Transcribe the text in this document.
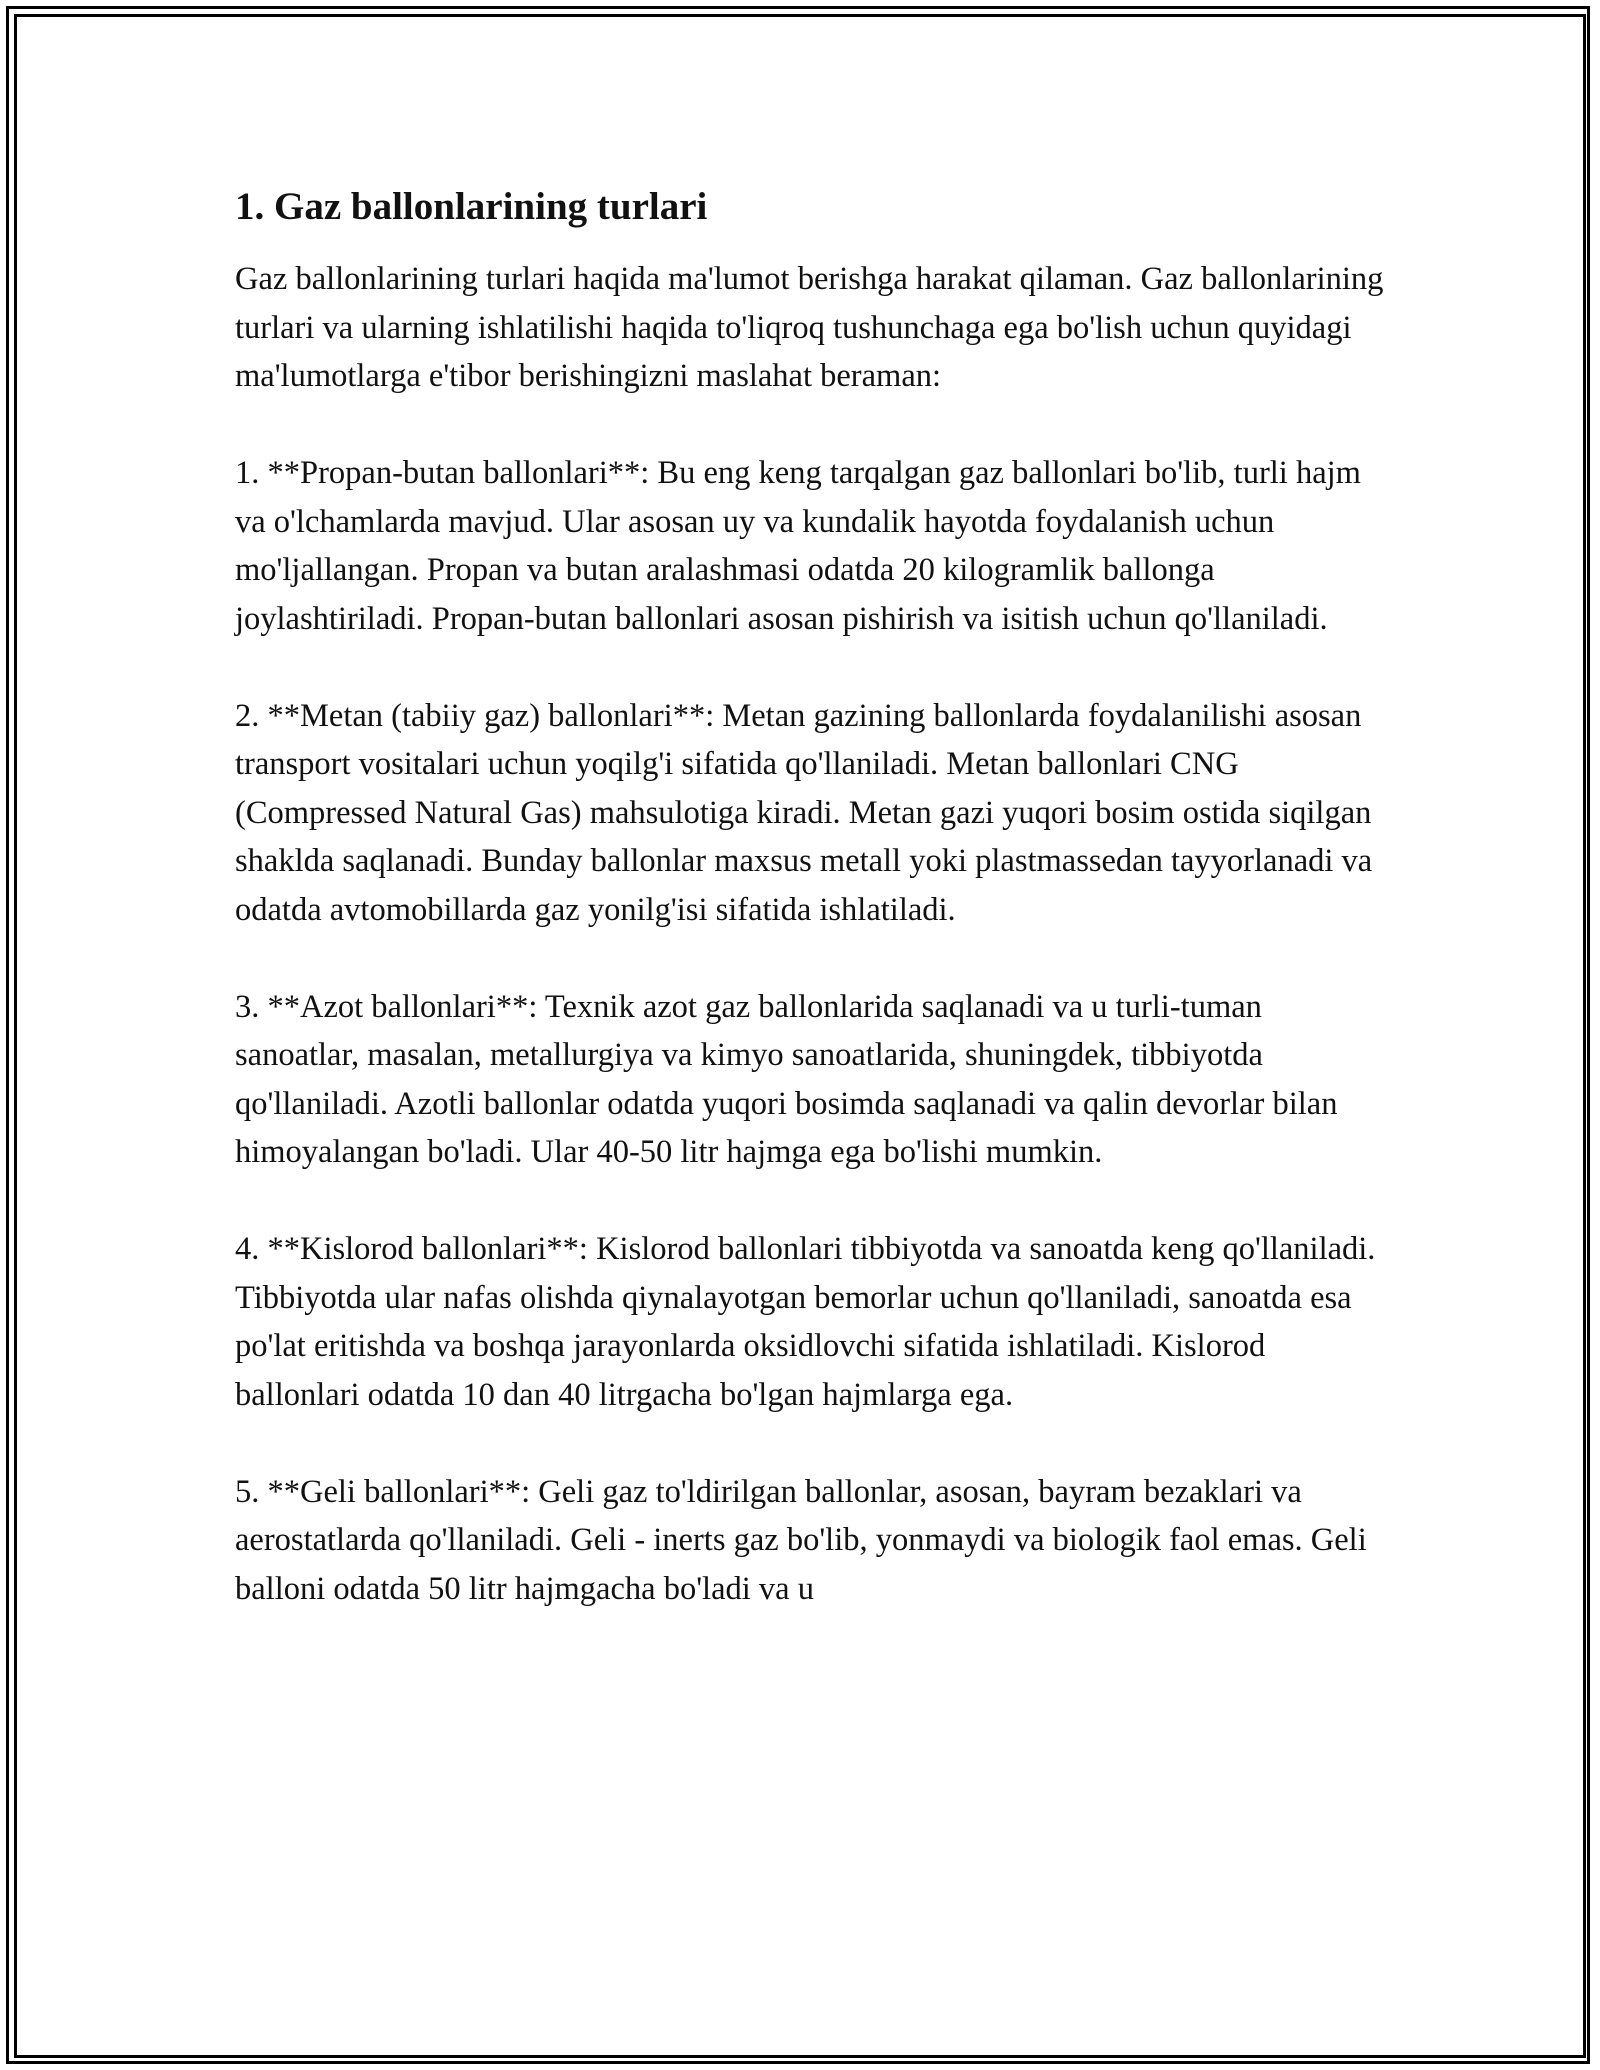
1. Gaz ballonlarining turlari

Gaz ballonlarining turlari haqida ma'lumot berishga harakat qilaman. Gaz ballonlarining turlari va ularning ishlatilishi haqida to'liqroq tushunchaga ega bo'lish uchun quyidagi ma'lumotlarga e'tibor berishingizni maslahat beraman:

1. **Propan-butan ballonlari**: Bu eng keng tarqalgan gaz ballonlari bo'lib, turli hajm va o'lchamlarda mavjud. Ular asosan uy va kundalik hayotda foydalanish uchun mo'ljallangan. Propan va butan aralashmasi odatda 20 kilogramlik ballonga joylashtiriladi. Propan-butan ballonlari asosan pishirish va isitish uchun qo'llaniladi.

2. **Metan (tabiiy gaz) ballonlari**: Metan gazining ballonlarda foydalanilishi asosan transport vositalari uchun yoqilg'i sifatida qo'llaniladi. Metan ballonlari CNG (Compressed Natural Gas) mahsulotiga kiradi. Metan gazi yuqori bosim ostida siqilgan shaklda saqlanadi. Bunday ballonlar maxsus metall yoki plastmassedan tayyorlanadi va odatda avtomobillarda gaz yonilg'isi sifatida ishlatiladi.

3. **Azot ballonlari**: Texnik azot gaz ballonlarida saqlanadi va u turli-tuman sanoatlar, masalan, metallurgiya va kimyo sanoatlarida, shuningdek, tibbiyotda qo'llaniladi. Azotli ballonlar odatda yuqori bosimda saqlanadi va qalin devorlar bilan himoyalangan bo'ladi. Ular 40-50 litr hajmga ega bo'lishi mumkin.

4. **Kislorod ballonlari**: Kislorod ballonlari tibbiyotda va sanoatda keng qo'llaniladi. Tibbiyotda ular nafas olishda qiynalayotgan bemorlar uchun qo'llaniladi, sanoatda esa po'lat eritishda va boshqa jarayonlarda oksidlovchi sifatida ishlatiladi. Kislorod ballonlari odatda 10 dan 40 litrgacha bo'lgan hajmlarga ega.

5. **Geli ballonlari**: Geli gaz to'ldirilgan ballonlar, asosan, bayram bezaklari va aerostatlarda qo'llaniladi. Geli - inerts gaz bo'lib, yonmaydi va biologik faol emas. Geli balloni odatda 50 litr hajmgacha bo'ladi va u
